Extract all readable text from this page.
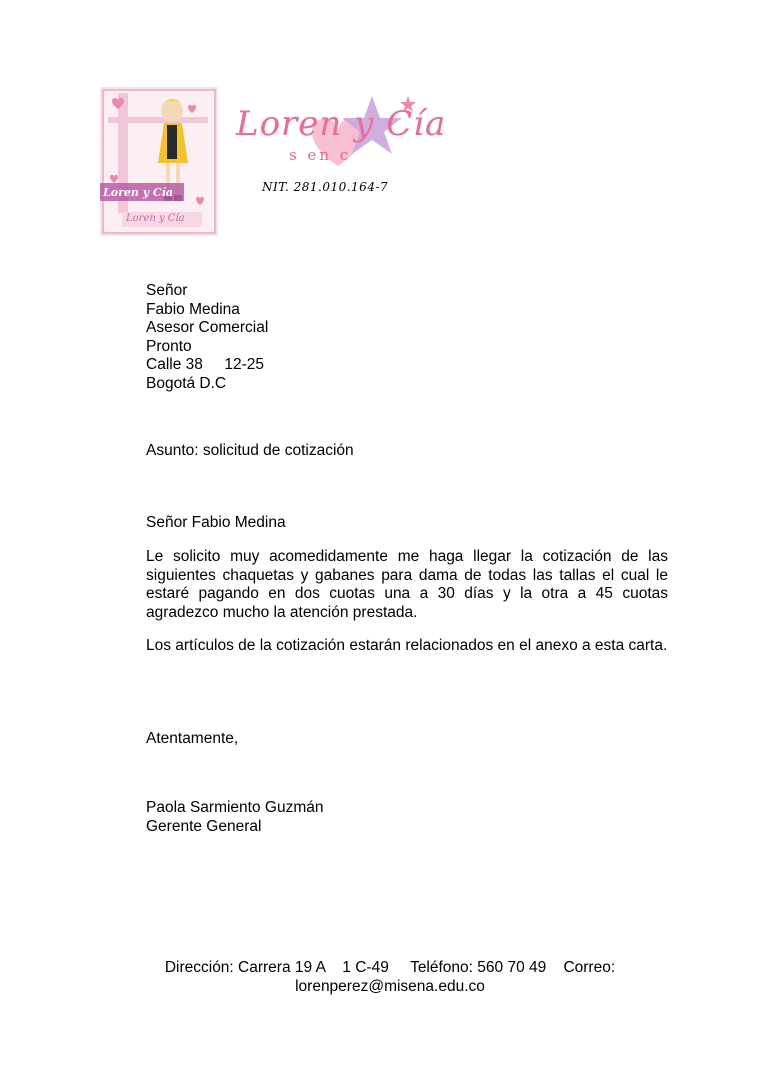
Loren y Cía
Loren y Cía
Loren y Cía
s en c
NIT. 281.010.164-7
Señor
Fabio Medina
Asesor Comercial
Pronto
Calle 38     12-25
Bogotá D.C
Asunto: solicitud de cotización
Señor Fabio Medina
Le solicito muy acomedidamente me haga llegar la cotización de las siguientes chaquetas y gabanes para dama de todas las tallas el cual le estaré pagando en dos cuotas una a 30 días y la otra a 45 cuotas agradezco mucho la atención prestada.
Los artículos de la cotización estarán relacionados en el anexo a esta carta.
Atentamente,
Paola Sarmiento Guzmán
Gerente General
Dirección: Carrera 19 A    1 C-49     Teléfono: 560 70 49    Correo:
lorenperez@misena.edu.co
